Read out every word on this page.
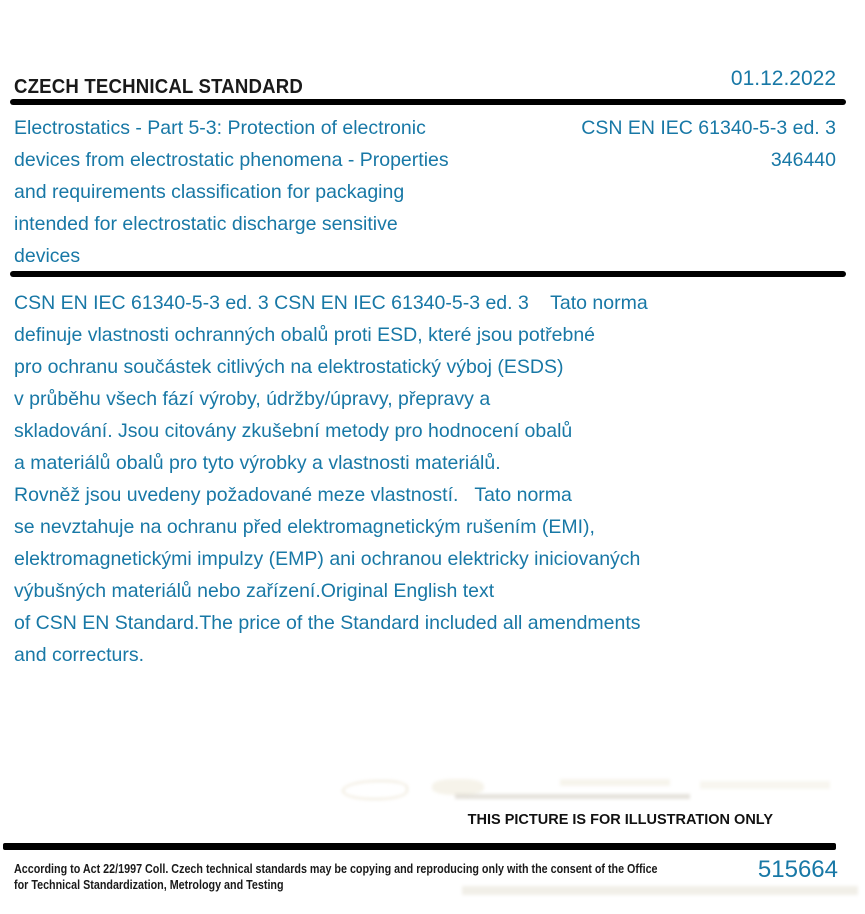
CZECH TECHNICAL STANDARD	01.12.2022
Electrostatics - Part 5-3: Protection of electronic
devices from electrostatic phenomena - Properties
and requirements classification for packaging
intended for electrostatic discharge sensitive
devices
CSN EN IEC 61340-5-3 ed. 3
346440
CSN EN IEC 61340-5-3 ed. 3 CSN EN IEC 61340-5-3 ed. 3    Tato norma
definuje vlastnosti ochranných obalů proti ESD, které jsou potřebné
pro ochranu součástek citlivých na elektrostatický výboj (ESDS)
v průběhu všech fází výroby, údržby/úpravy, přepravy a
skladování. Jsou citovány zkušební metody pro hodnocení obalů
a materiálů obalů pro tyto výrobky a vlastnosti materiálů.
Rovněž jsou uvedeny požadované meze vlastností.   Tato norma
se nevztahuje na ochranu před elektromagnetickým rušením (EMI),
elektromagnetickými impulzy (EMP) ani ochranou elektricky iniciovaných
výbušných materiálů nebo zařízení.Original English text
of CSN EN Standard.The price of the Standard included all amendments
and correcturs.
THIS PICTURE IS FOR ILLUSTRATION ONLY
According to Act 22/1997 Coll. Czech technical standards may be copying and reproducing only with the consent of the Office
for Technical Standardization, Metrology and Testing
515664
